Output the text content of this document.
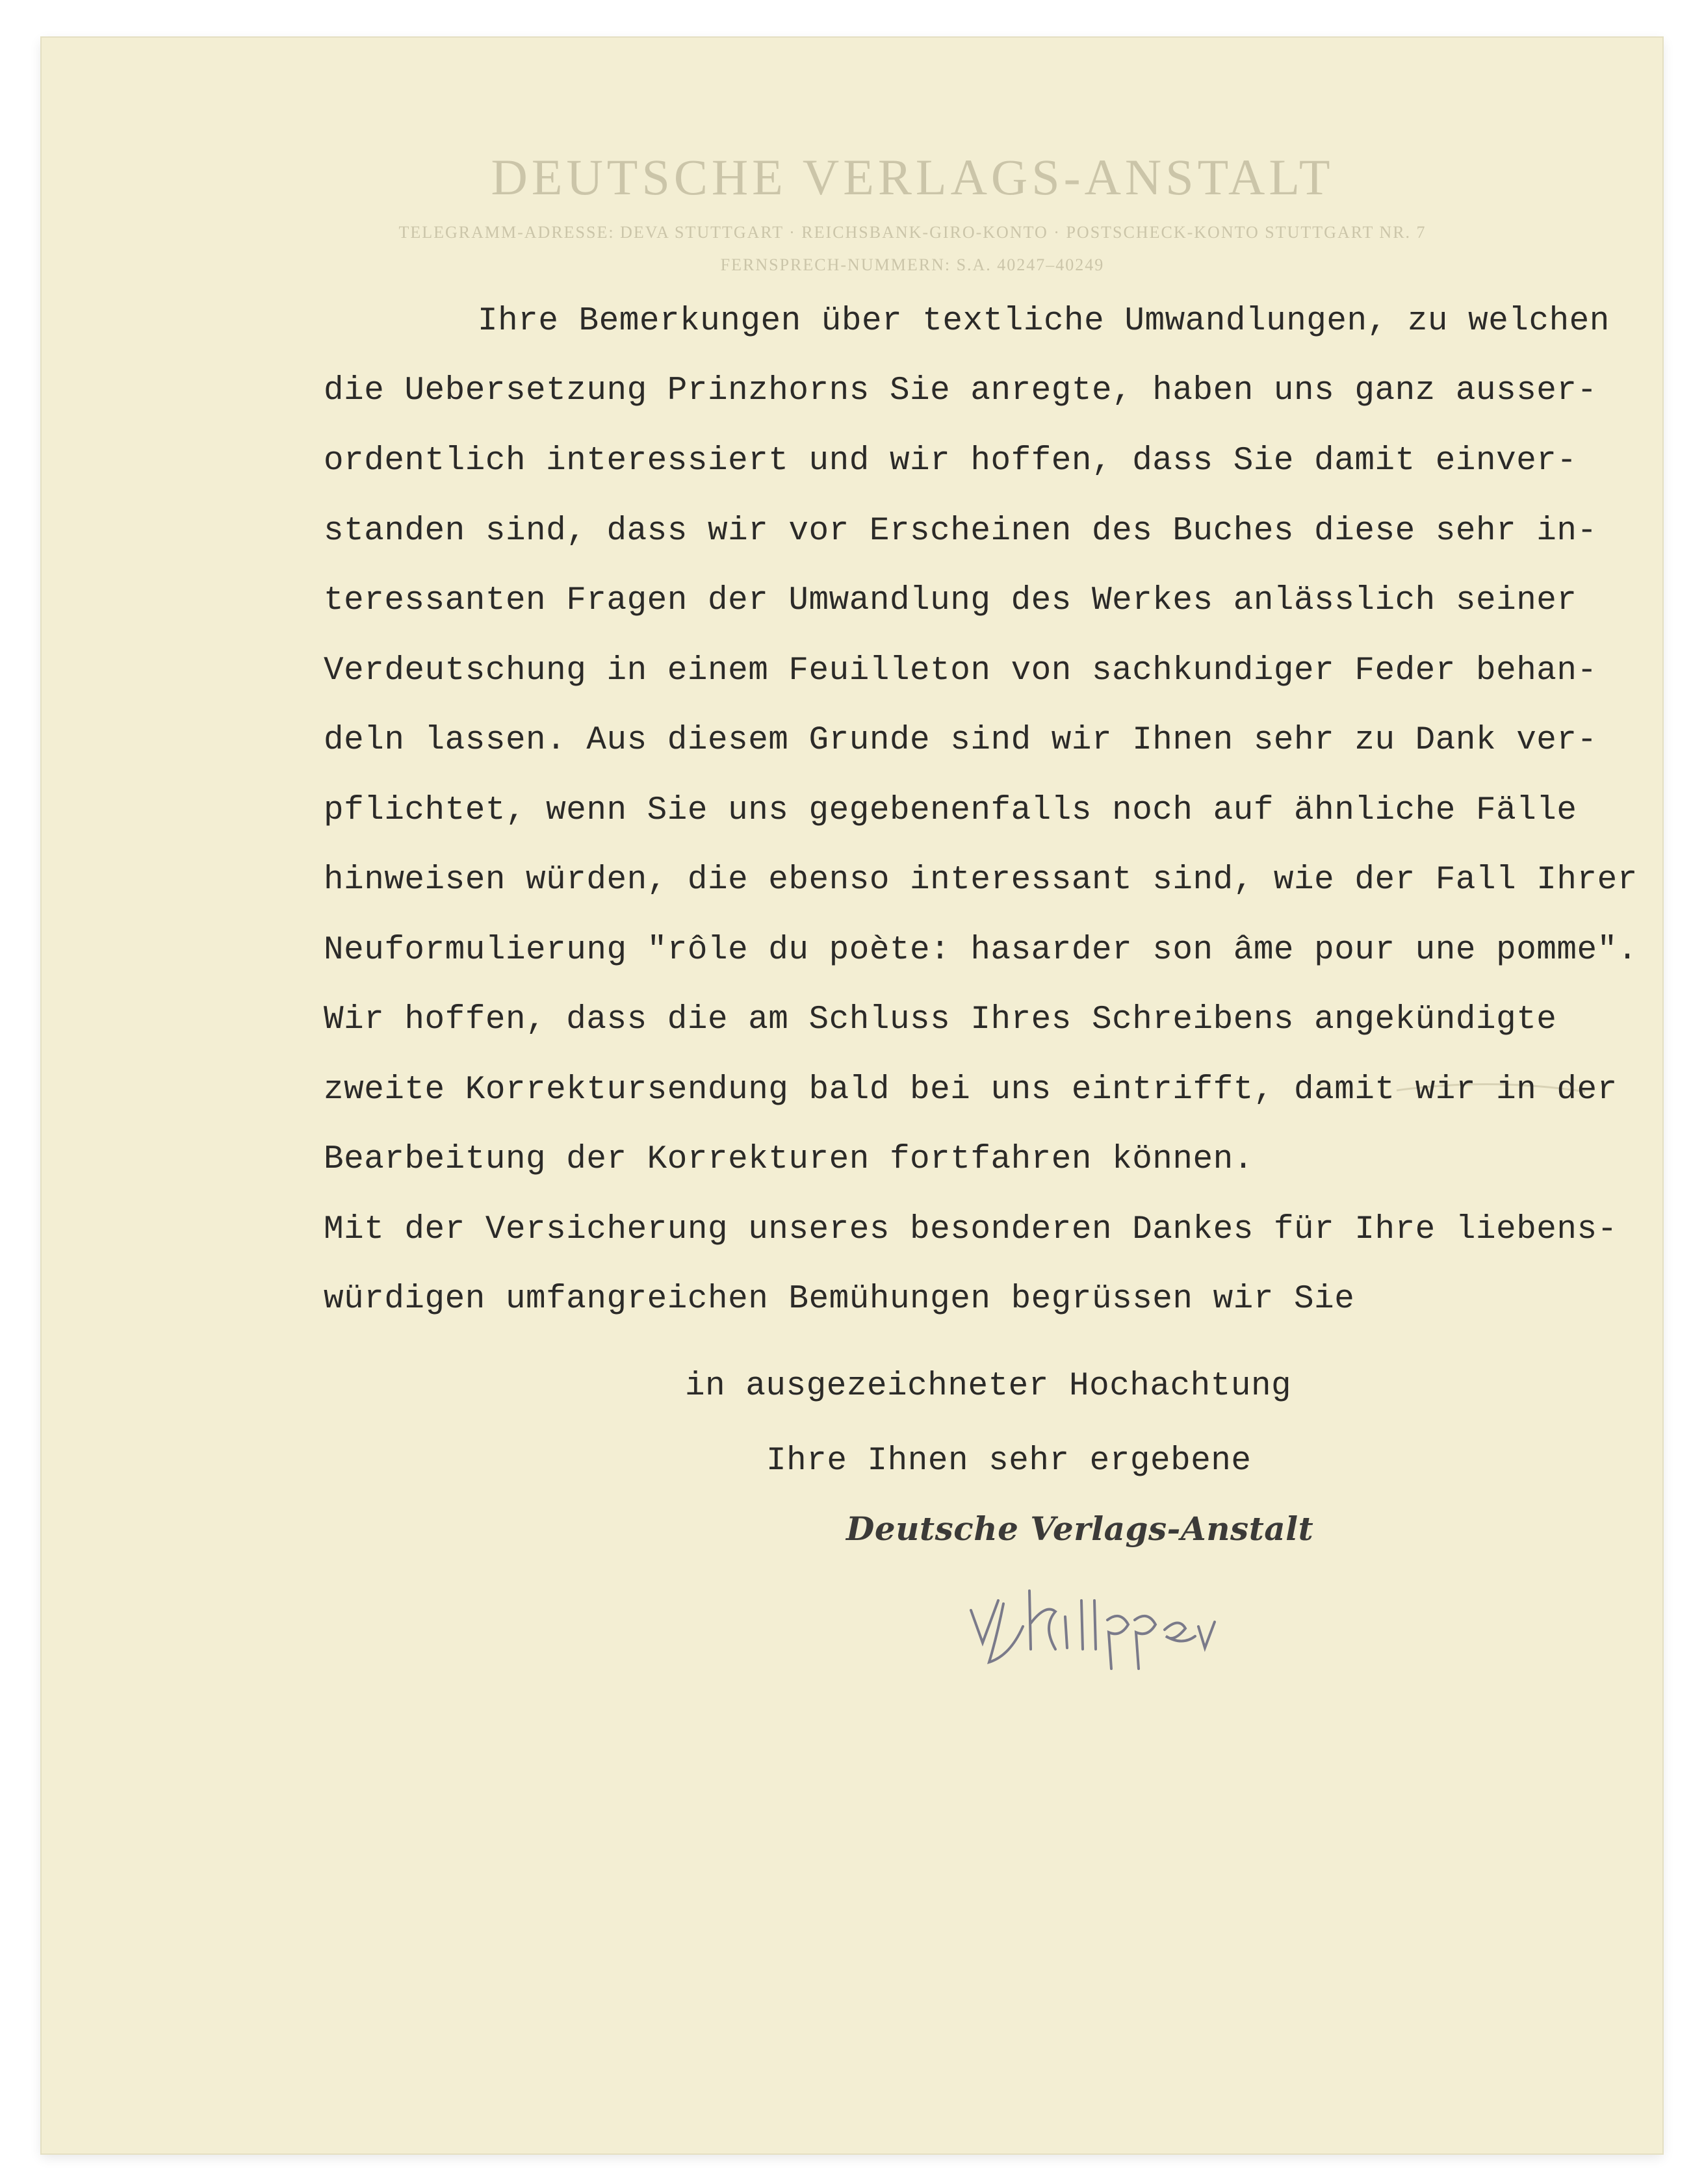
DEUTSCHE VERLAGS-ANSTALT
TELEGRAMM-ADRESSE: DEVA STUTTGART · REICHSBANK-GIRO-KONTO · POSTSCHECK-KONTO STUTTGART NR. 7
FERNSPRECH-NUMMERN: S.A. 40247–40249
Ihre Bemerkungen über textliche Umwandlungen, zu welchen
die Uebersetzung Prinzhorns Sie anregte, haben uns ganz ausser-
ordentlich interessiert und wir hoffen, dass Sie damit einver-
standen sind, dass wir vor Erscheinen des Buches diese sehr in-
teressanten Fragen der Umwandlung des Werkes anlässlich seiner
Verdeutschung in einem Feuilleton von sachkundiger Feder behan-
deln lassen. Aus diesem Grunde sind wir Ihnen sehr zu Dank ver-
pflichtet, wenn Sie uns gegebenenfalls noch auf ähnliche Fälle
hinweisen würden, die ebenso interessant sind, wie der Fall Ihrer
Neuformulierung "rôle du poète: hasarder son âme pour une pomme".
Wir hoffen, dass die am Schluss Ihres Schreibens angekündigte
zweite Korrektursendung bald bei uns eintrifft, damit wir in der
Bearbeitung der Korrekturen fortfahren können.
Mit der Versicherung unseres besonderen Dankes für Ihre liebens-
würdigen umfangreichen Bemühungen begrüssen wir Sie
in ausgezeichneter Hochachtung
Ihre Ihnen sehr ergebene
Deutsche Verlags-Anstalt
